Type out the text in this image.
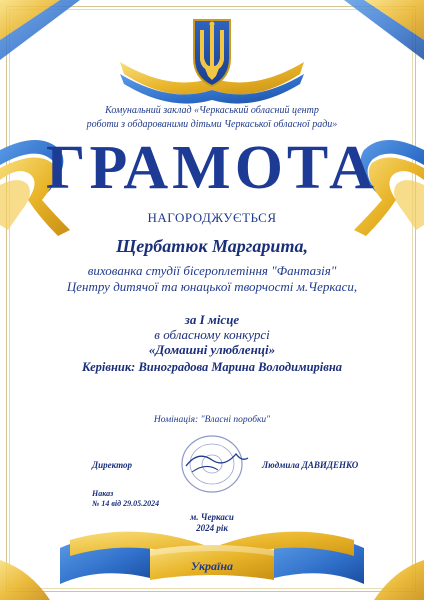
Комунальний заклад «Черкаський обласний центр
роботи з обдарованими дітьми Черкаської обласної ради»
ГРАМОТА
НАГОРОДЖУЄТЬСЯ
Щербатюк Маргарита,
вихованка студії бісероплетіння "Фантазія"
Центру дитячої та юнацької творчості м.Черкаси,
за І місце
в обласному конкурсі
«Домашні улюбленці»
Керівник: Виноградова Марина Володимирівна
Номінація: "Власні поробки"
Директор	Людмила ДАВИДЕНКО
Наказ
№ 14 від 29.05.2024
м. Черкаси
2024 рік
Україна
